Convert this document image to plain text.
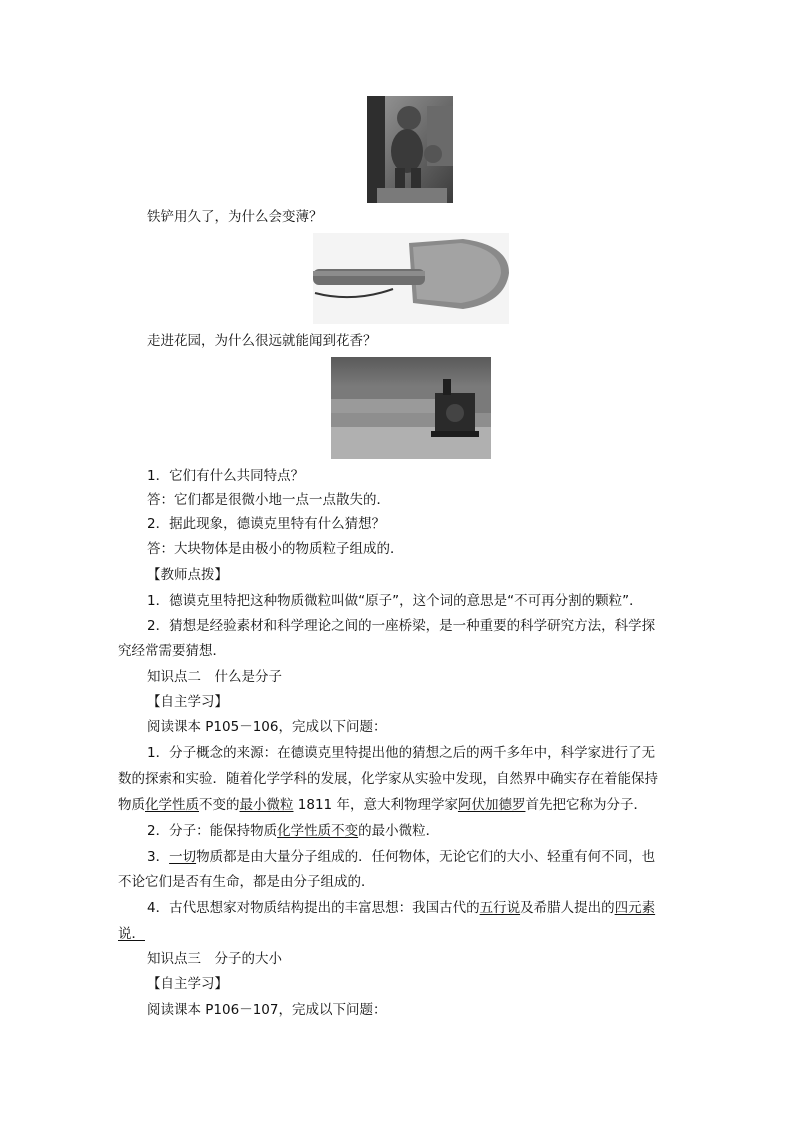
铁铲用久了，为什么会变薄？
走进花园，为什么很远就能闻到花香？
1．它们有什么共同特点？
答：它们都是很微小地一点一点散失的．
2．据此现象，德谟克里特有什么猜想？
答：大块物体是由极小的物质粒子组成的．
【教师点拨】
1．德谟克里特把这种物质微粒叫做“原子”，这个词的意思是“不可再分割的颗粒”．
2．猜想是经验素材和科学理论之间的一座桥梁，是一种重要的科学研究方法，科学探
究经常需要猜想．
知识点二　什么是分子
【自主学习】
阅读课本 P105－106，完成以下问题：
1．分子概念的来源：在德谟克里特提出他的猜想之后的两千多年中，科学家进行了无
数的探索和实验．随着化学学科的发展，化学家从实验中发现，自然界中确实存在着能保持
物质化学性质不变的最小微粒 1811 年，意大利物理学家阿伏加德罗首先把它称为分子．
2．分子：能保持物质化学性质不变的最小微粒．
3．一切物质都是由大量分子组成的．任何物体，无论它们的大小、轻重有何不同，也
不论它们是否有生命，都是由分子组成的．
4．古代思想家对物质结构提出的丰富思想：我国古代的五行说及希腊人提出的四元素
说．
知识点三　分子的大小
【自主学习】
阅读课本 P106－107，完成以下问题：
